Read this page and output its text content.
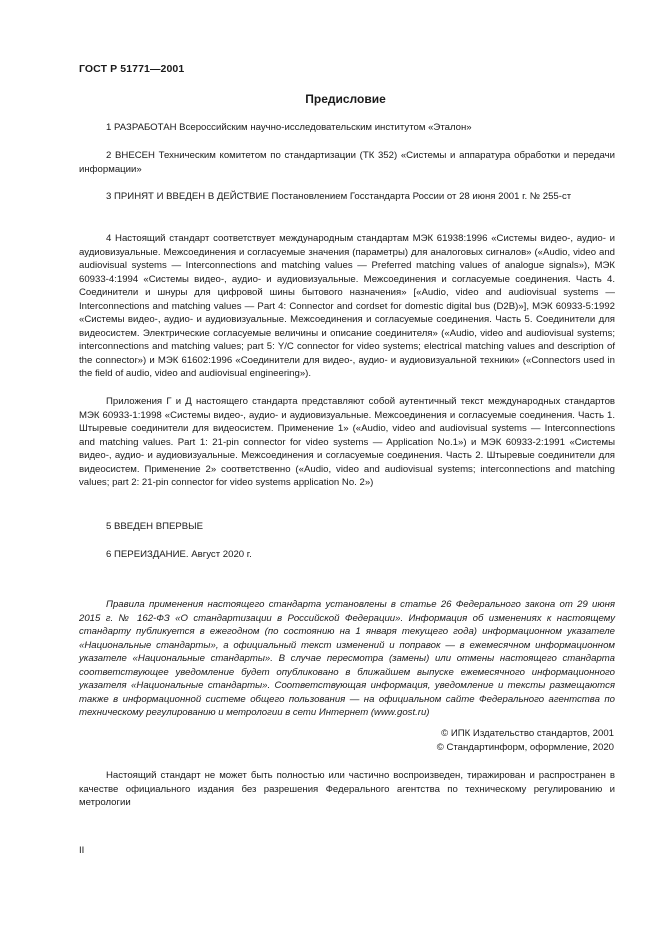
ГОСТ Р 51771—2001
Предисловие

1 РАЗРАБОТАН Всероссийским научно-исследовательским институтом «Эталон»

2 ВНЕСЕН Техническим комитетом по стандартизации (ТК 352) «Системы и аппаратура обработки и передачи информации»

3 ПРИНЯТ И ВВЕДЕН В ДЕЙСТВИЕ Постановлением Госстандарта России от 28 июня 2001 г. № 255-ст

4 Настоящий стандарт соответствует международным стандартам МЭК 61938:1996 «Системы видео-, аудио- и аудиовизуальные. Межсоединения и согласуемые значения (параметры) для аналоговых сигналов» («Audio, video and audiovisual systems — Interconnections and matching values — Preferred matching values of analogue signals»), МЭК 60933-4:1994 «Системы видео-, аудио- и аудиовизуальные. Межсоединения и согласуемые соединения. Часть 4. Соединители и шнуры для цифровой шины бытового назначения» [«Audio, video and audiovisual systems — Interconnections and matching values — Part 4: Connector and cordset for domestic digital bus (D2B)»], МЭК 60933-5:1992 «Системы видео-, аудио- и аудиовизуальные. Межсоединения и согласуемые соединения. Часть 5. Соединители для видеосистем. Электрические согласуемые величины и описание соединителя» («Audio, video and audiovisual systems; interconnections and matching values; part 5: Y/C connector for video systems; electrical matching values and description of the connector») и МЭК 61602:1996 «Соединители для видео-, аудио- и аудиовизуальной техники» («Connectors used in the field of audio, video and audiovisual engineering»).

Приложения Г и Д настоящего стандарта представляют собой аутентичный текст международных стандартов МЭК 60933-1:1998 «Системы видео-, аудио- и аудиовизуальные. Межсоединения и согласуемые соединения. Часть 1. Штыревые соединители для видеосистем. Применение 1» («Audio, video and audiovisual systems — Interconnections and matching values. Part 1: 21-pin connector for video systems — Application No.1») и МЭК 60933-2:1991 «Системы видео-, аудио- и аудиовизуальные. Межсоединения и согласуемые соединения. Часть 2. Штыревые соединители для видеосистем. Применение 2» соответственно («Audio, video and audiovisual systems; interconnections and matching values; part 2: 21-pin connector for video systems application No. 2»)

5 ВВЕДЕН ВПЕРВЫЕ

6 ПЕРЕИЗДАНИЕ. Август 2020 г.

Правила применения настоящего стандарта установлены в статье 26 Федерального закона от 29 июня 2015 г. № 162-ФЗ «О стандартизации в Российской Федерации». Информация об изменениях к настоящему стандарту публикуется в ежегодном (по состоянию на 1 января текущего года) информационном указателе «Национальные стандарты», а официальный текст изменений и поправок — в ежемесячном информационном указателе «Национальные стандарты». В случае пересмотра (замены) или отмены настоящего стандарта соответствующее уведомление будет опубликовано в ближайшем выпуске ежемесячного информационного указателя «Национальные стандарты». Соответствующая информация, уведомление и тексты размещаются также в информационной системе общего пользования — на официальном сайте Федерального агентства по техническому регулированию и метрологии в сети Интернет (www.gost.ru)

© ИПК Издательство стандартов, 2001
© Стандартинформ, оформление, 2020

Настоящий стандарт не может быть полностью или частично воспроизведен, тиражирован и распространен в качестве официального издания без разрешения Федерального агентства по техническому регулированию и метрологии

II
